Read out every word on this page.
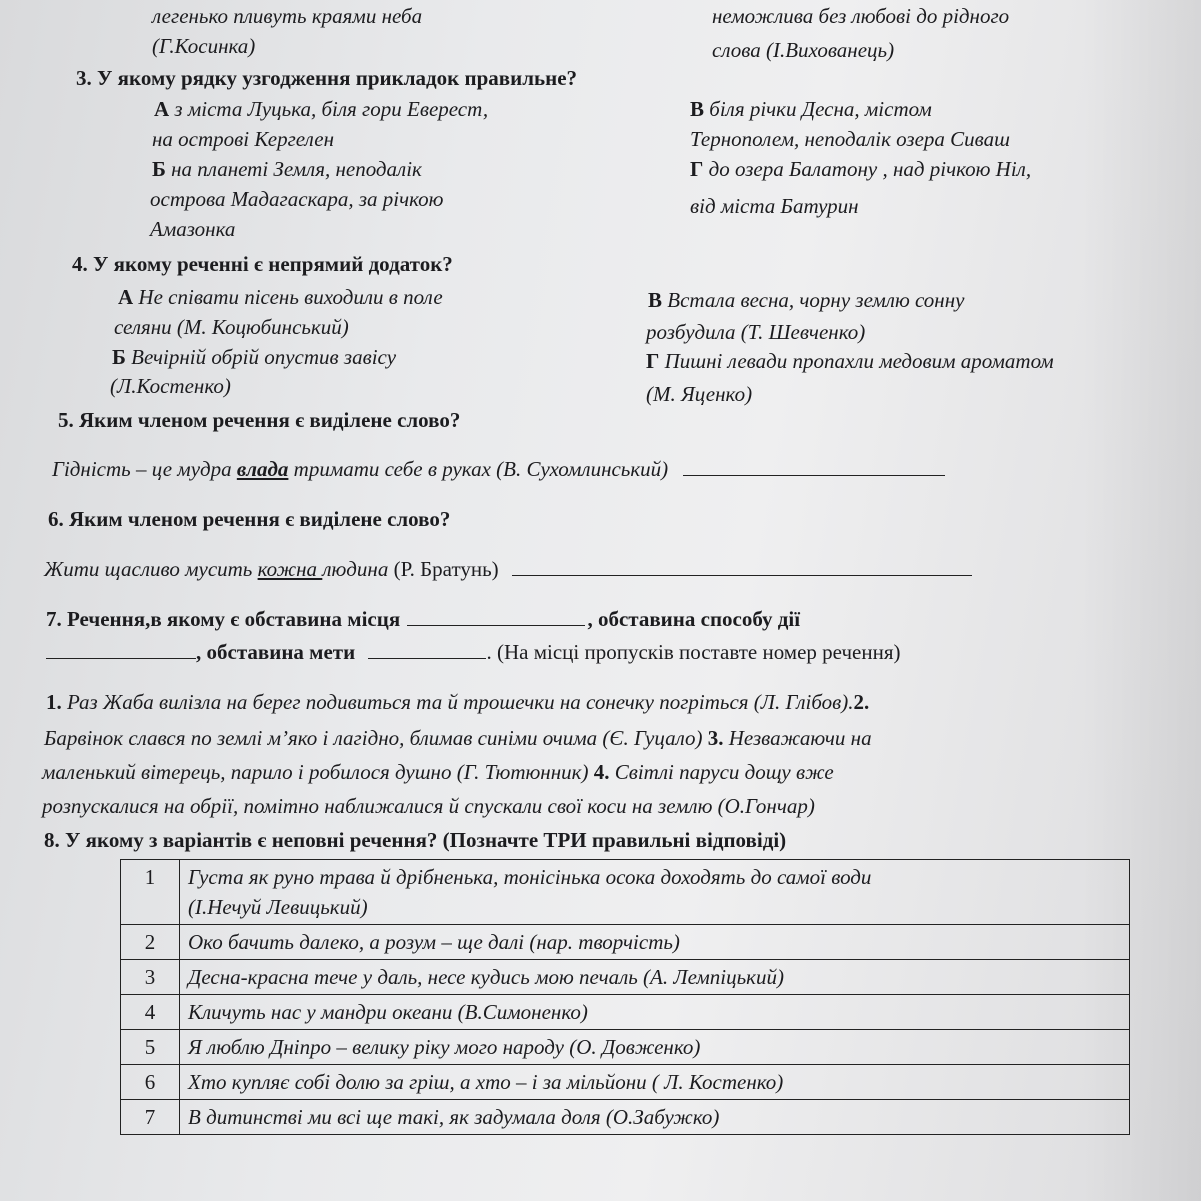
легенько пливуть краями неба
(Г.Косинка)
неможлива без любові до рідного
слова (І.Вихованець)
3. У якому рядку узгодження прикладок правильне?
А з міста Луцька, біля гори Еверест,
на острові Кергелен
Б на планеті Земля, неподалік
острова Мадагаскара, за річкою
Амазонка
В біля річки Десна, містом
Тернополем, неподалік озера Сиваш
Г до озера Балатону , над річкою Ніл,
від міста Батурин
4. У якому реченні є непрямий додаток?
А Не співати пісень виходили в поле
селяни (М. Коцюбинський)
Б Вечірній обрій опустив завісу
(Л.Костенко)
В Встала весна, чорну землю сонну
розбудила (Т. Шевченко)
Г Пишні левади пропахли медовим ароматом
(М. Яценко)
5. Яким членом речення є виділене слово?
Гідність – це мудра влада тримати себе в руках (В. Сухомлинський)
6. Яким членом речення є виділене слово?
Жити щасливо мусить кожна людина (Р. Братунь)
7. Речення,в якому є обставина місця	, обставина способу дії
, обставина мети	. (На місці пропусків поставте номер речення)
1. Раз Жаба вилізла на берег подивиться та й трошечки на сонечку погріться (Л. Глібов).2.
Барвінок слався по землі м’яко і лагідно, блимав синіми очима (Є. Гуцало) 3. Незважаючи на
маленький вітерець, парило і робилося душно (Г. Тютюнник) 4. Світлі паруси дощу вже
розпускалися на обрії, помітно наближалися й спускали свої коси на землю (О.Гончар)
8. У якому з варіантів є неповні речення? (Позначте ТРИ правильні відповіді)
1	Густа як руно трава й дрібненька, тонісінька осока доходять до самої води
(І.Нечуй Левицький)

2	Око бачить далеко, а розум – ще далі (нар. творчість)
3	Десна-красна тече у даль, несе кудись мою печаль (А. Лемпіцький)
4	Кличуть нас у мандри океани (В.Симоненко)
5	Я люблю Дніпро – велику ріку мого народу (О. Довженко)
6	Хто купляє собі долю за гріш, а хто – і за мільйони ( Л. Костенко)
7	В дитинстві ми всі ще такі, як задумала доля (О.Забужко)
